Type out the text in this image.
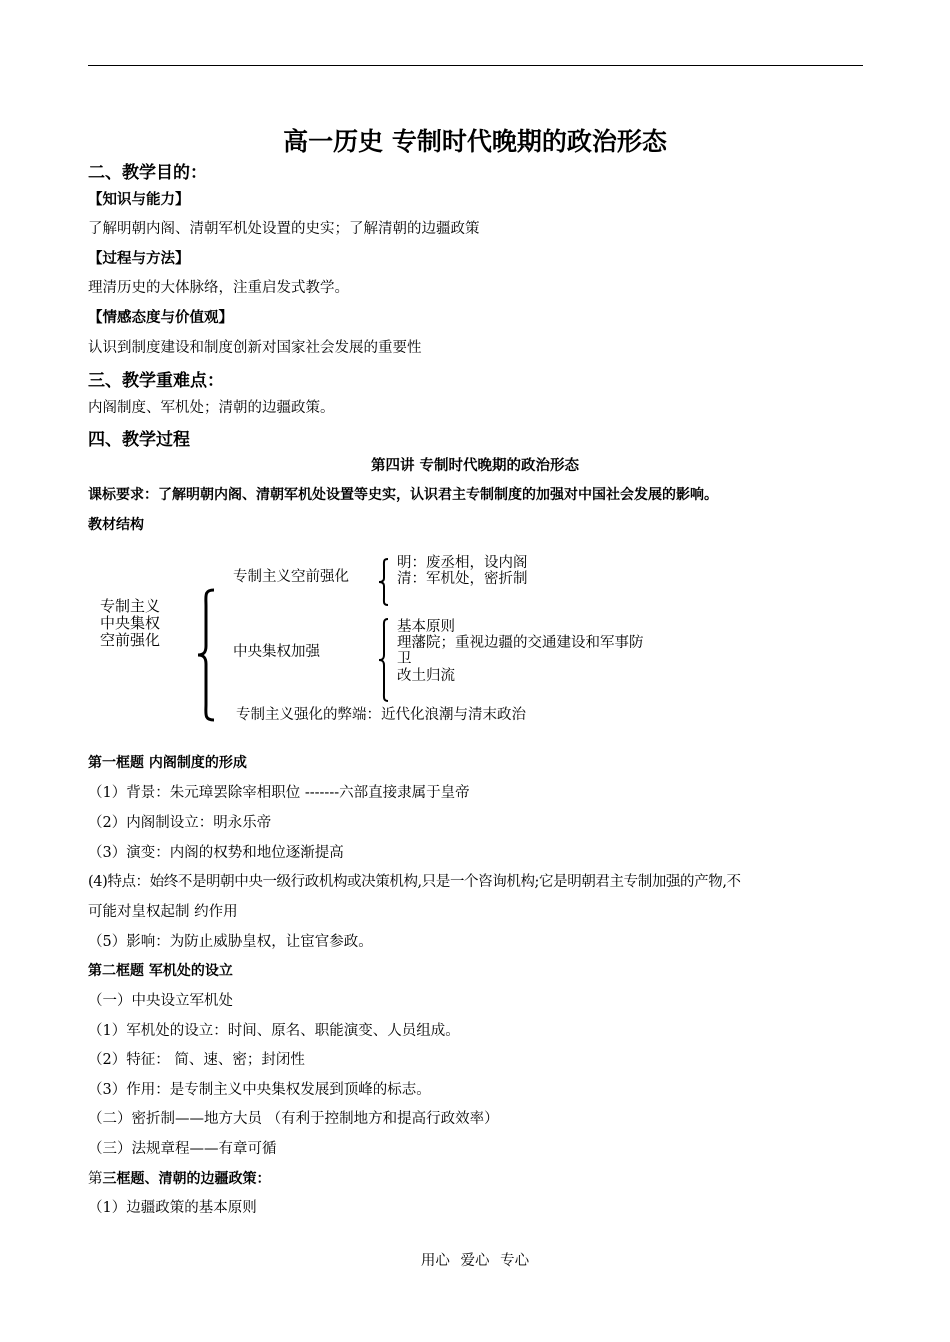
高一历史 专制时代晚期的政治形态
二、教学目的：
【知识与能力】
了解明朝内阁、清朝军机处设置的史实；了解清朝的边疆政策
【过程与方法】
理清历史的大体脉络，注重启发式教学。
【情感态度与价值观】
认识到制度建设和制度创新对国家社会发展的重要性
三、教学重难点：
内阁制度、军机处；清朝的边疆政策。
四、教学过程
第四讲 专制时代晚期的政治形态
课标要求：了解明朝内阁、清朝军机处设置等史实，认识君主专制制度的加强对中国社会发展的影响。
教材结构
专制主义
中央集权
空前强化
专制主义空前强化
明：废丞相，设内阁
清：军机处，密折制
中央集权加强
基本原则
理藩院；重视边疆的交通建设和军事防
卫
改土归流
专制主义强化的弊端：近代化浪潮与清末政治
第一框题 内阁制度的形成
（1）背景：朱元璋罢除宰相职位 -------六部直接隶属于皇帝
（2）内阁制设立：明永乐帝
（3）演变：内阁的权势和地位逐渐提高
(4)特点：始终不是明朝中央一级行政机构或决策机构,只是一个咨询机构;它是明朝君主专制加强的产物,不
可能对皇权起制 约作用
（5）影响：为防止威胁皇权，让宦官参政。
第二框题 军机处的设立
（一）中央设立军机处
（1）军机处的设立：时间、原名、职能演变、人员组成。
（2）特征： 简、速、密；封闭性
（3）作用：是专制主义中央集权发展到顶峰的标志。
（二）密折制——地方大员 （有利于控制地方和提高行政效率）
（三）法规章程——有章可循
第三框题、清朝的边疆政策：
（1）边疆政策的基本原则
用心 爱心 专心
